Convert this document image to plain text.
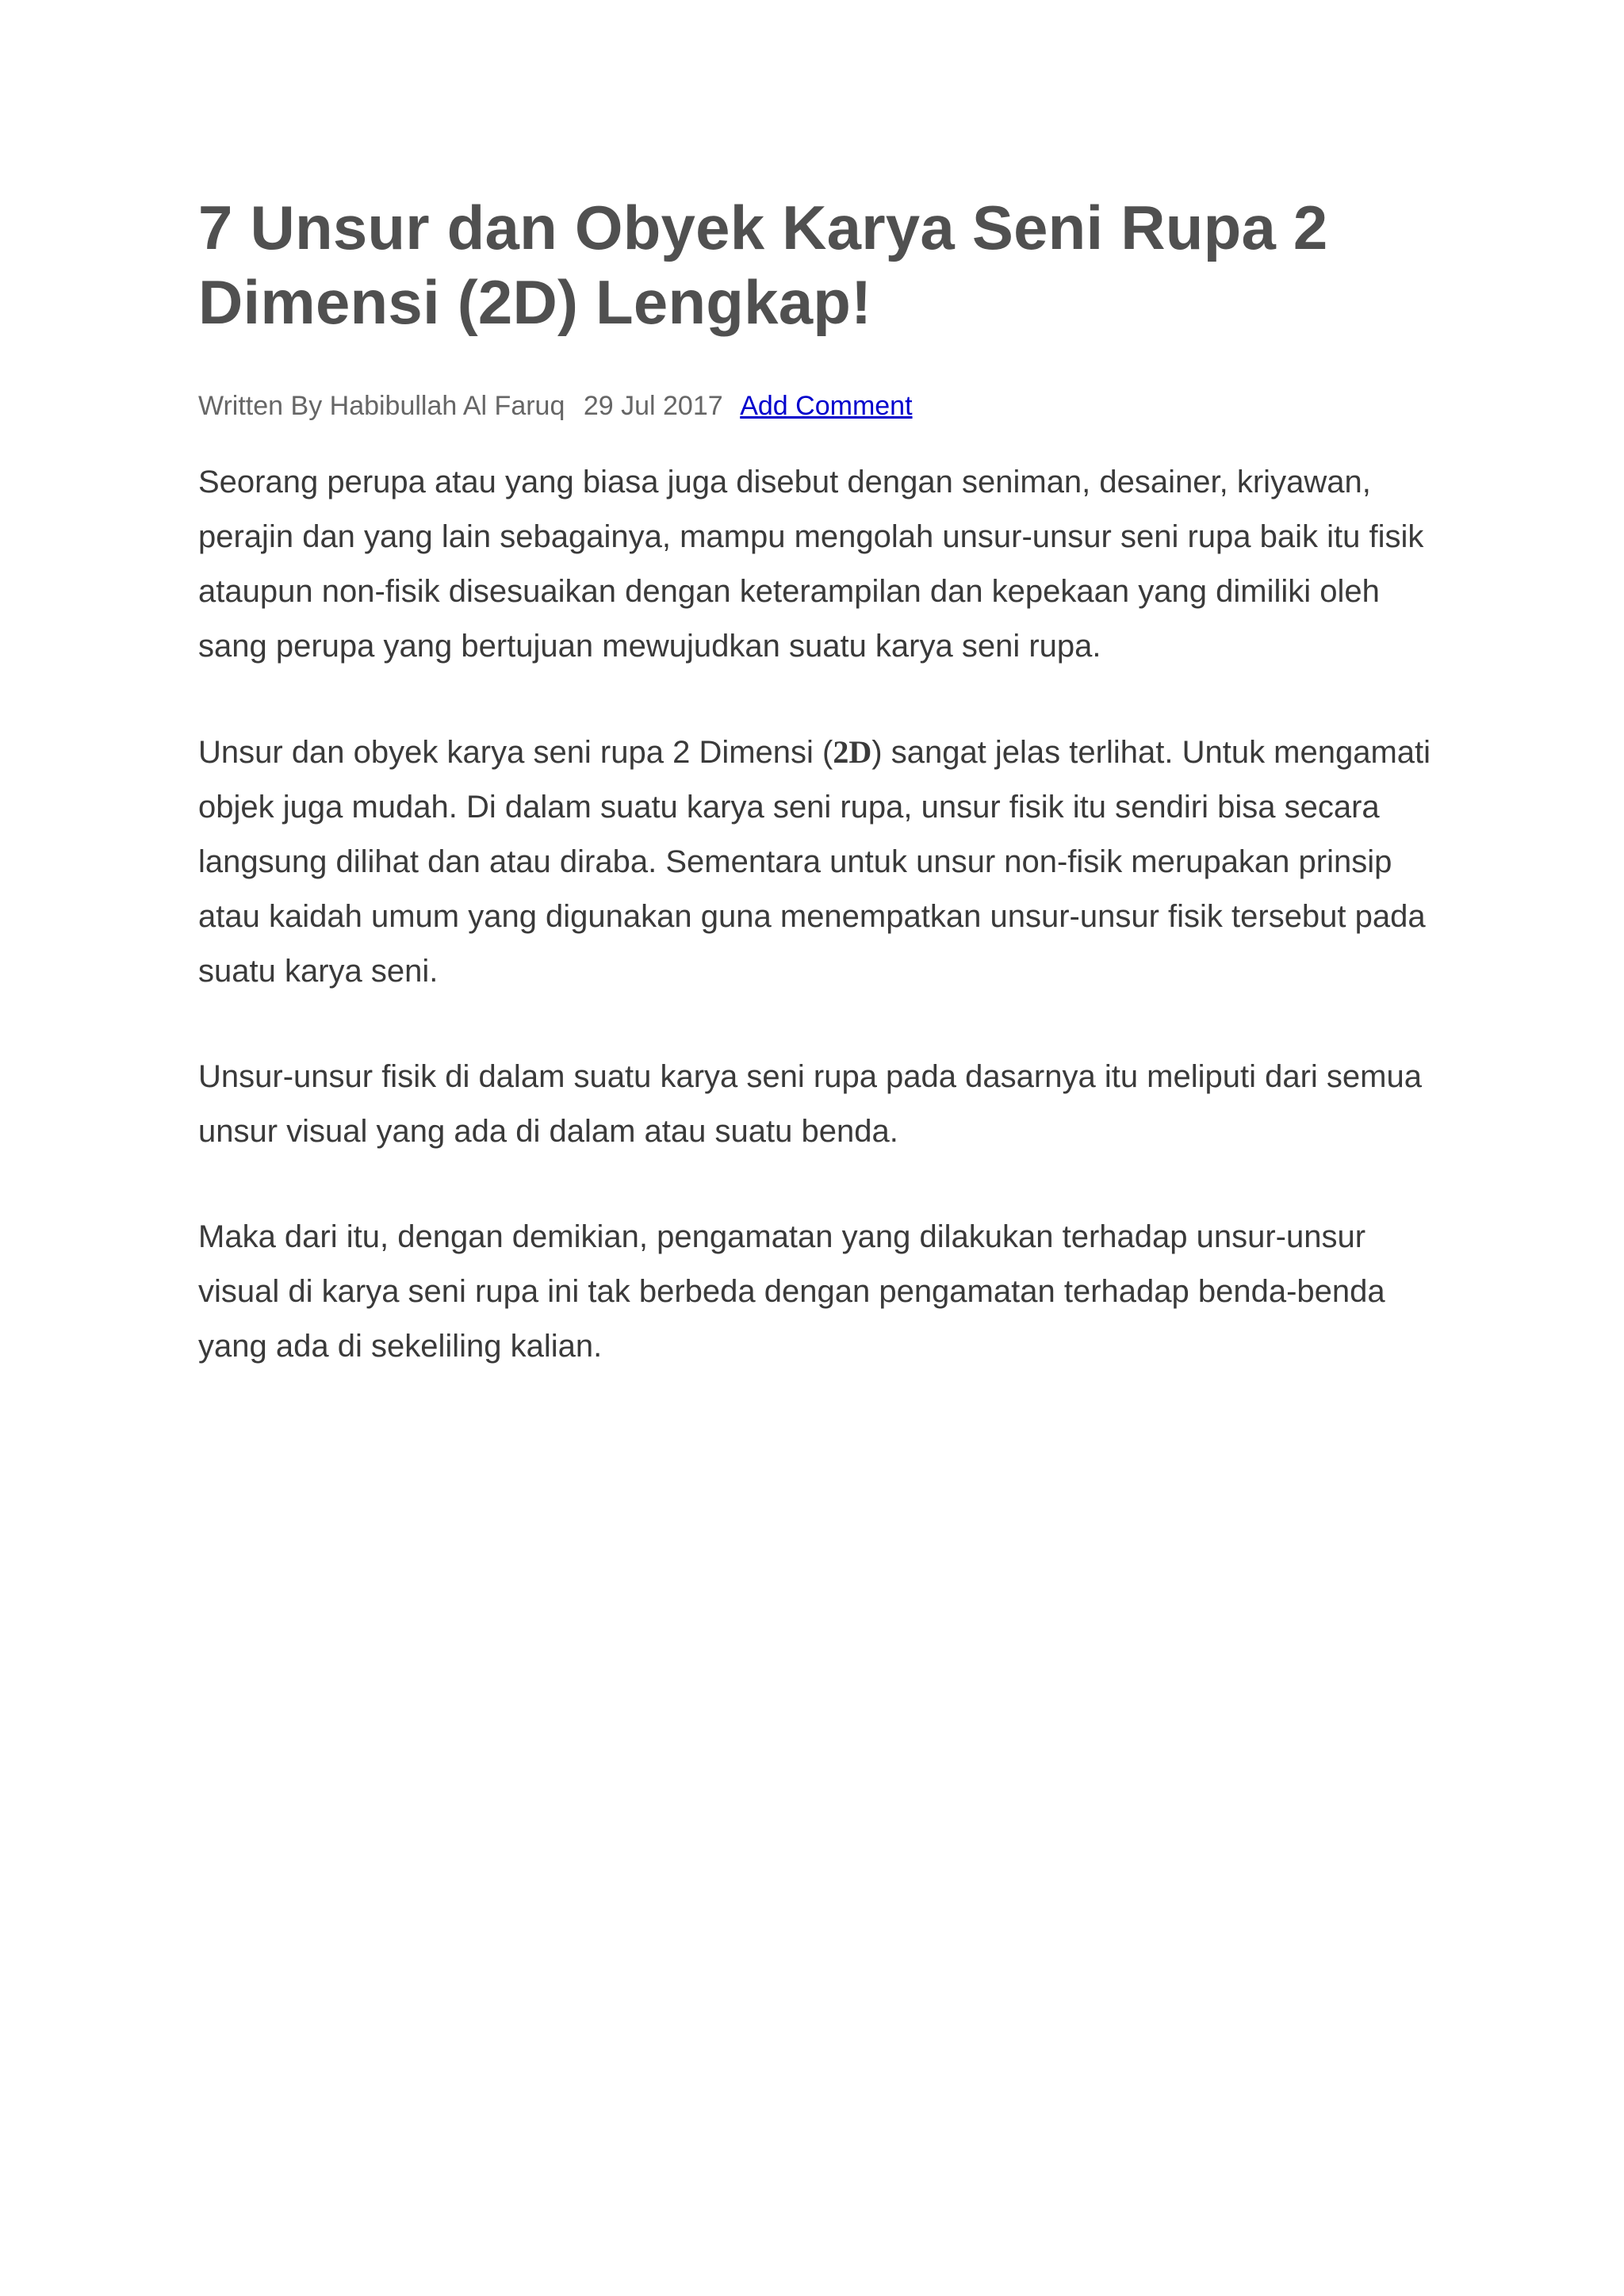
7 Unsur dan Obyek Karya Seni Rupa 2 Dimensi (2D) Lengkap!
Written By Habibullah Al Faruq 29 Jul 2017 Add Comment

Seorang perupa atau yang biasa juga disebut dengan seniman, desainer, kriyawan, perajin dan yang lain sebagainya, mampu mengolah unsur-unsur seni rupa baik itu fisik ataupun non-fisik disesuaikan dengan keterampilan dan kepekaan yang dimiliki oleh sang perupa yang bertujuan mewujudkan suatu karya seni rupa.

Unsur dan obyek karya seni rupa 2 Dimensi (2D) sangat jelas terlihat. Untuk mengamati objek juga mudah. Di dalam suatu karya seni rupa, unsur fisik itu sendiri bisa secara langsung dilihat dan atau diraba. Sementara untuk unsur non-fisik merupakan prinsip atau kaidah umum yang digunakan guna menempatkan unsur-unsur fisik tersebut pada suatu karya seni.

Unsur-unsur fisik di dalam suatu karya seni rupa pada dasarnya itu meliputi dari semua unsur visual yang ada di dalam atau suatu benda.

Maka dari itu, dengan demikian, pengamatan yang dilakukan terhadap unsur-unsur visual di karya seni rupa ini tak berbeda dengan pengamatan terhadap benda-benda yang ada di sekeliling kalian.
